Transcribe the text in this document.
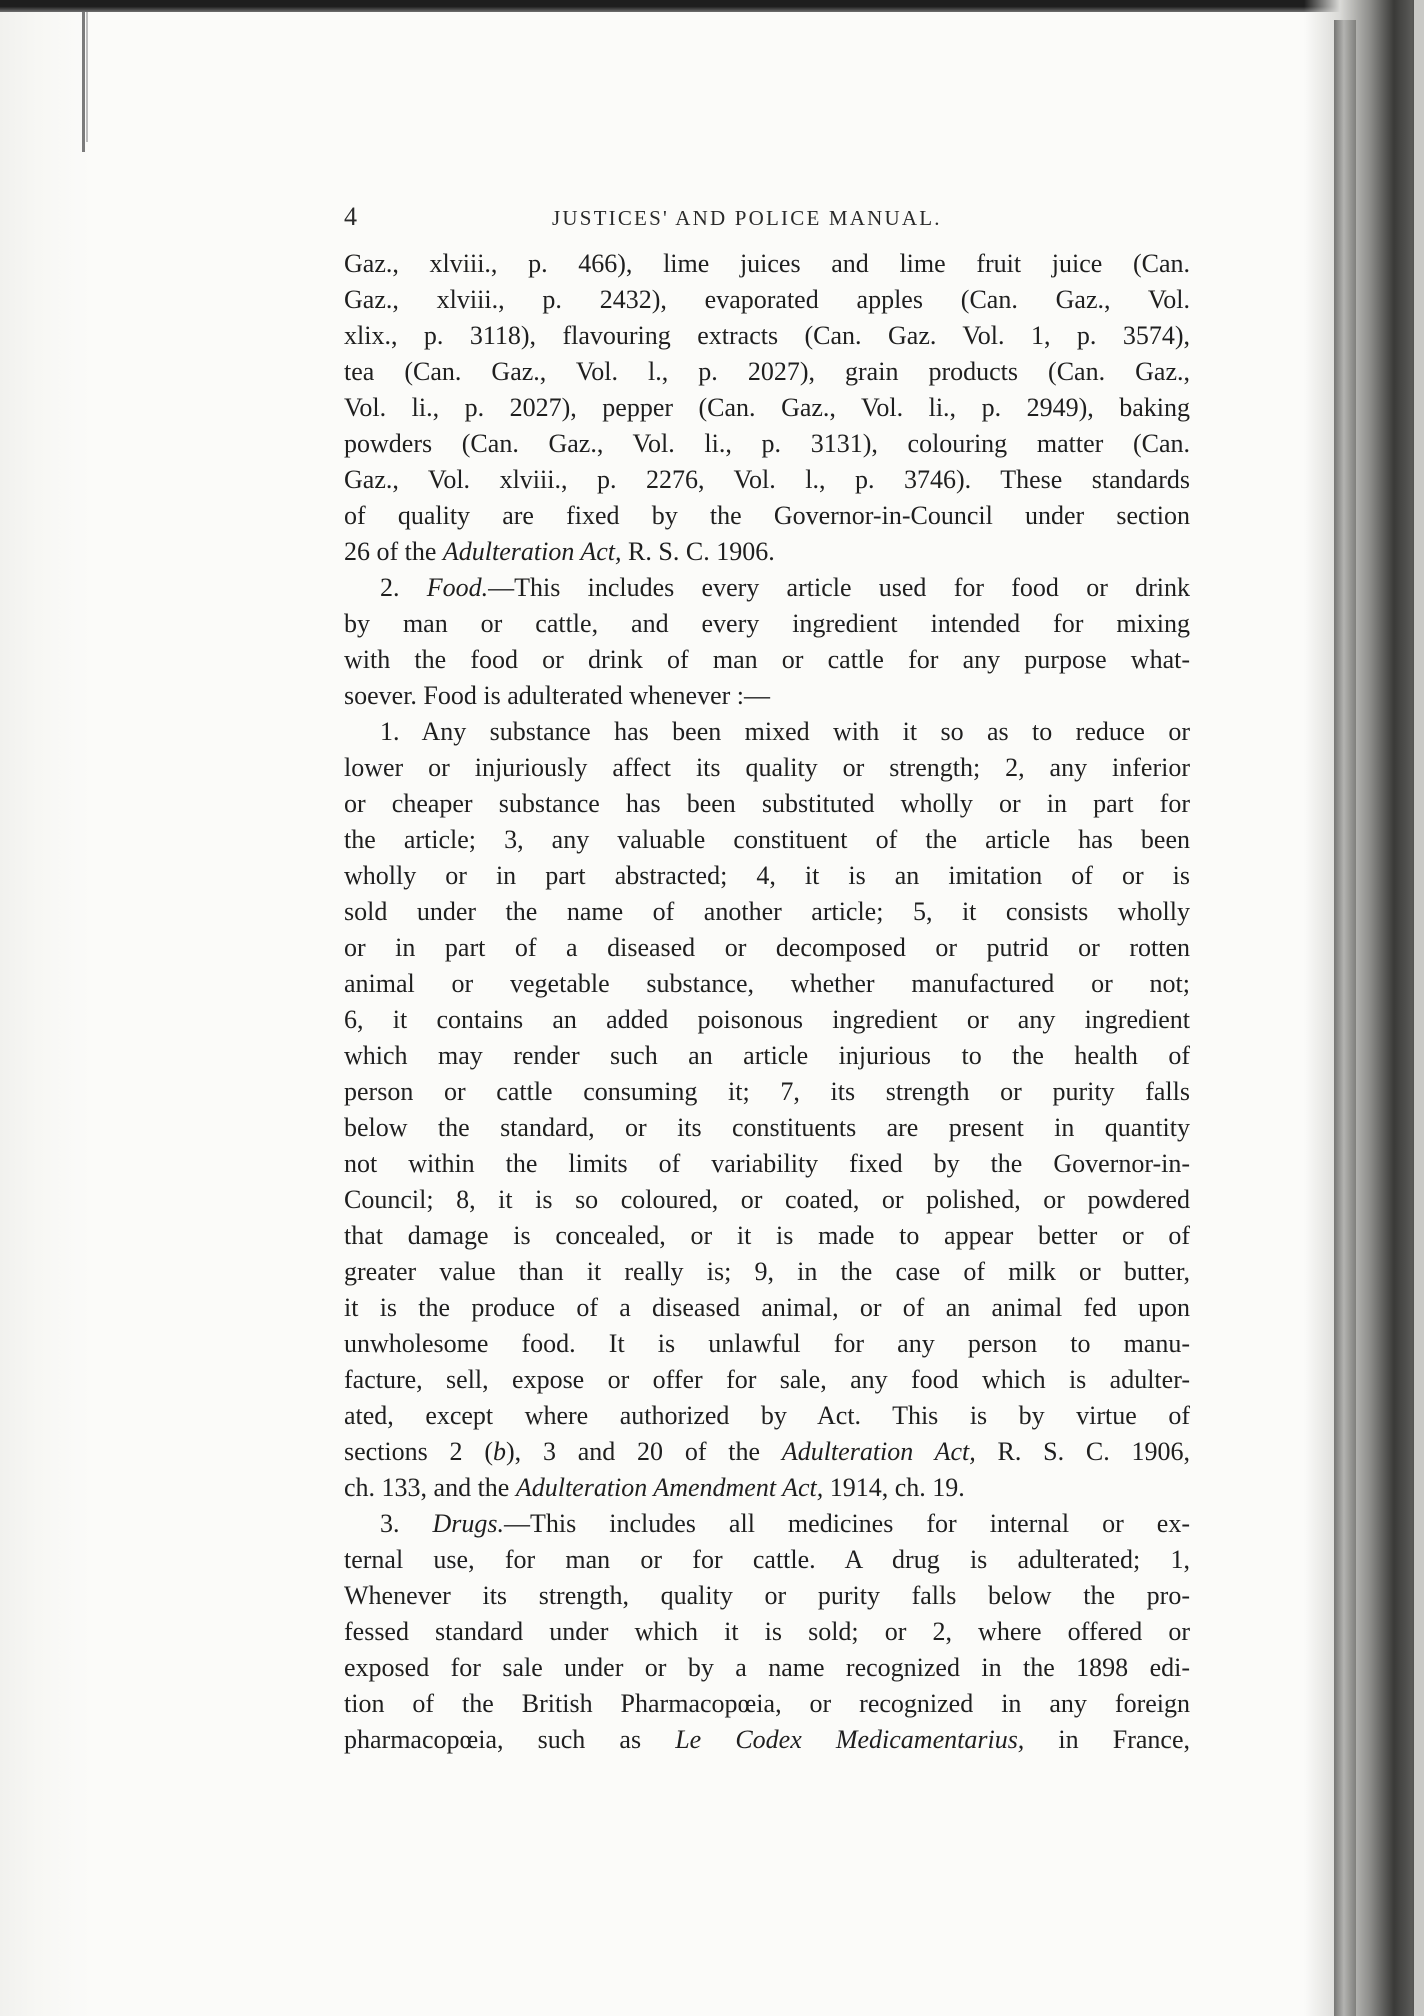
4	JUSTICES' AND POLICE MANUAL.
Gaz., xlviii., p. 466), lime juices and lime fruit juice (Can.
Gaz., xlviii., p. 2432), evaporated apples (Can. Gaz., Vol.
xlix., p. 3118), flavouring extracts (Can. Gaz. Vol. 1, p. 3574),
tea (Can. Gaz., Vol. l., p. 2027), grain products (Can. Gaz.,
Vol. li., p. 2027), pepper (Can. Gaz., Vol. li., p. 2949), baking
powders (Can. Gaz., Vol. li., p. 3131), colouring matter (Can.
Gaz., Vol. xlviii., p. 2276, Vol. l., p. 3746). These standards
of quality are fixed by the Governor-in-Council under section
26 of the Adulteration Act, R. S. C. 1906.
2. Food.—This includes every article used for food or drink
by man or cattle, and every ingredient intended for mixing
with the food or drink of man or cattle for any purpose what-
soever. Food is adulterated whenever :—
1. Any substance has been mixed with it so as to reduce or
lower or injuriously affect its quality or strength; 2, any inferior
or cheaper substance has been substituted wholly or in part for
the article; 3, any valuable constituent of the article has been
wholly or in part abstracted; 4, it is an imitation of or is
sold under the name of another article; 5, it consists wholly
or in part of a diseased or decomposed or putrid or rotten
animal or vegetable substance, whether manufactured or not;
6, it contains an added poisonous ingredient or any ingredient
which may render such an article injurious to the health of
person or cattle consuming it; 7, its strength or purity falls
below the standard, or its constituents are present in quantity
not within the limits of variability fixed by the Governor-in-
Council; 8, it is so coloured, or coated, or polished, or powdered
that damage is concealed, or it is made to appear better or of
greater value than it really is; 9, in the case of milk or butter,
it is the produce of a diseased animal, or of an animal fed upon
unwholesome food. It is unlawful for any person to manu-
facture, sell, expose or offer for sale, any food which is adulter-
ated, except where authorized by Act. This is by virtue of
sections 2 (b), 3 and 20 of the Adulteration Act, R. S. C. 1906,
ch. 133, and the Adulteration Amendment Act, 1914, ch. 19.
3. Drugs.—This includes all medicines for internal or ex-
ternal use, for man or for cattle. A drug is adulterated; 1,
Whenever its strength, quality or purity falls below the pro-
fessed standard under which it is sold; or 2, where offered or
exposed for sale under or by a name recognized in the 1898 edi-
tion of the British Pharmacopœia, or recognized in any foreign
pharmacopœia, such as Le Codex Medicamentarius, in France,
